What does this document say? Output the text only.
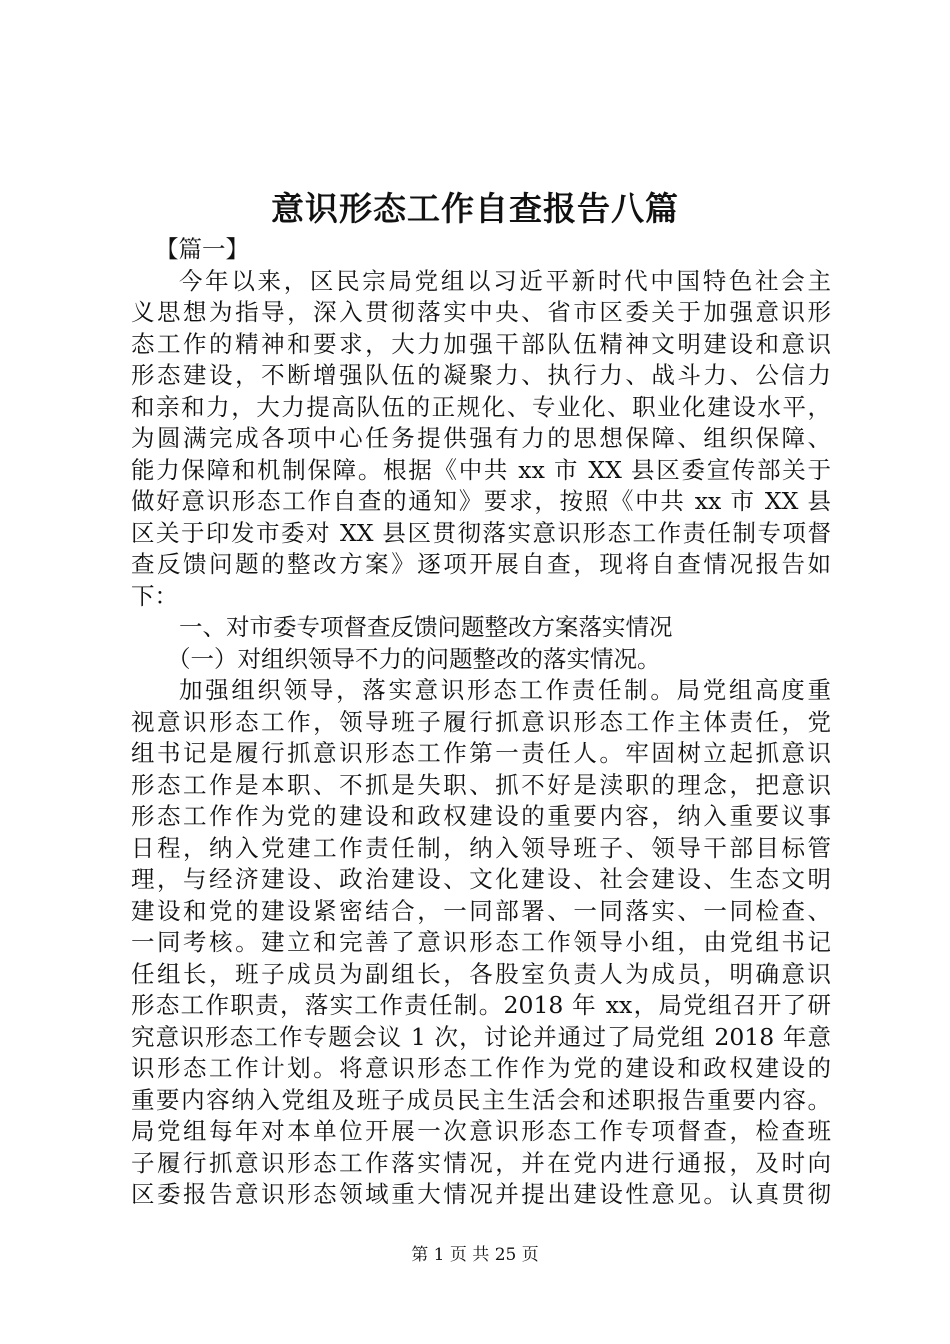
意识形态工作自查报告八篇
【篇一】
今年以来，区民宗局党组以习近平新时代中国特色社会主
义思想为指导，深入贯彻落实中央、省市区委关于加强意识形
态工作的精神和要求，大力加强干部队伍精神文明建设和意识
形态建设，不断增强队伍的凝聚力、执行力、战斗力、公信力
和亲和力，大力提高队伍的正规化、专业化、职业化建设水平，
为圆满完成各项中心任务提供强有力的思想保障、组织保障、
能力保障和机制保障。根据《中共 xx 市 XX 县区委宣传部关于
做好意识形态工作自查的通知》要求，按照《中共 xx 市 XX 县
区关于印发市委对 XX 县区贯彻落实意识形态工作责任制专项督
查反馈问题的整改方案》逐项开展自查，现将自查情况报告如
下：
一、对市委专项督查反馈问题整改方案落实情况
（一）对组织领导不力的问题整改的落实情况。
加强组织领导，落实意识形态工作责任制。局党组高度重
视意识形态工作，领导班子履行抓意识形态工作主体责任，党
组书记是履行抓意识形态工作第一责任人。牢固树立起抓意识
形态工作是本职、不抓是失职、抓不好是渎职的理念，把意识
形态工作作为党的建设和政权建设的重要内容，纳入重要议事
日程，纳入党建工作责任制，纳入领导班子、领导干部目标管
理，与经济建设、政治建设、文化建设、社会建设、生态文明
建设和党的建设紧密结合，一同部署、一同落实、一同检查、
一同考核。建立和完善了意识形态工作领导小组，由党组书记
任组长，班子成员为副组长，各股室负责人为成员，明确意识
形态工作职责，落实工作责任制。2018 年 xx，局党组召开了研
究意识形态工作专题会议 1 次，讨论并通过了局党组 2018 年意
识形态工作计划。将意识形态工作作为党的建设和政权建设的
重要内容纳入党组及班子成员民主生活会和述职报告重要内容。
局党组每年对本单位开展一次意识形态工作专项督查，检查班
子履行抓意识形态工作落实情况，并在党内进行通报，及时向
区委报告意识形态领域重大情况并提出建设性意见。认真贯彻
第 1 页 共 25 页
